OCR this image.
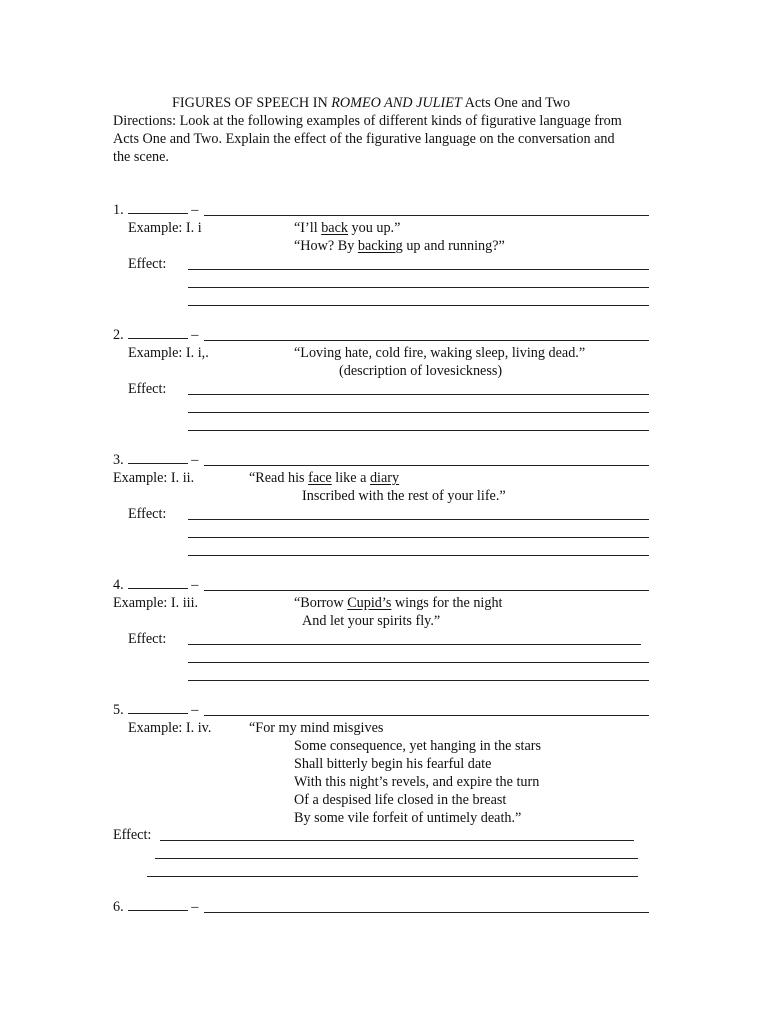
FIGURES OF SPEECH IN ROMEO AND JULIET Acts One and Two
Directions: Look at the following examples of different kinds of figurative language from
Acts One and Two. Explain the effect of the figurative language on the conversation and
the scene.
1.	–
Example: I. i	“I’ll back you up.”
“How? By backing up and running?”
Effect:
2.	–
Example: I. i,.	“Loving hate, cold fire, waking sleep, living dead.”
(description of lovesickness)
Effect:
3.	–
Example: I. ii.	“Read his face like a diary
Inscribed with the rest of your life.”
Effect:
4.	–
Example: I. iii.	“Borrow Cupid’s wings for the night
And let your spirits fly.”
Effect:
5.	–
Example: I. iv.	“For my mind misgives
Some consequence, yet hanging in the stars
Shall bitterly begin his fearful date
With this night’s revels, and expire the turn
Of a despised life closed in the breast
By some vile forfeit of untimely death.”
Effect:
6.	–
